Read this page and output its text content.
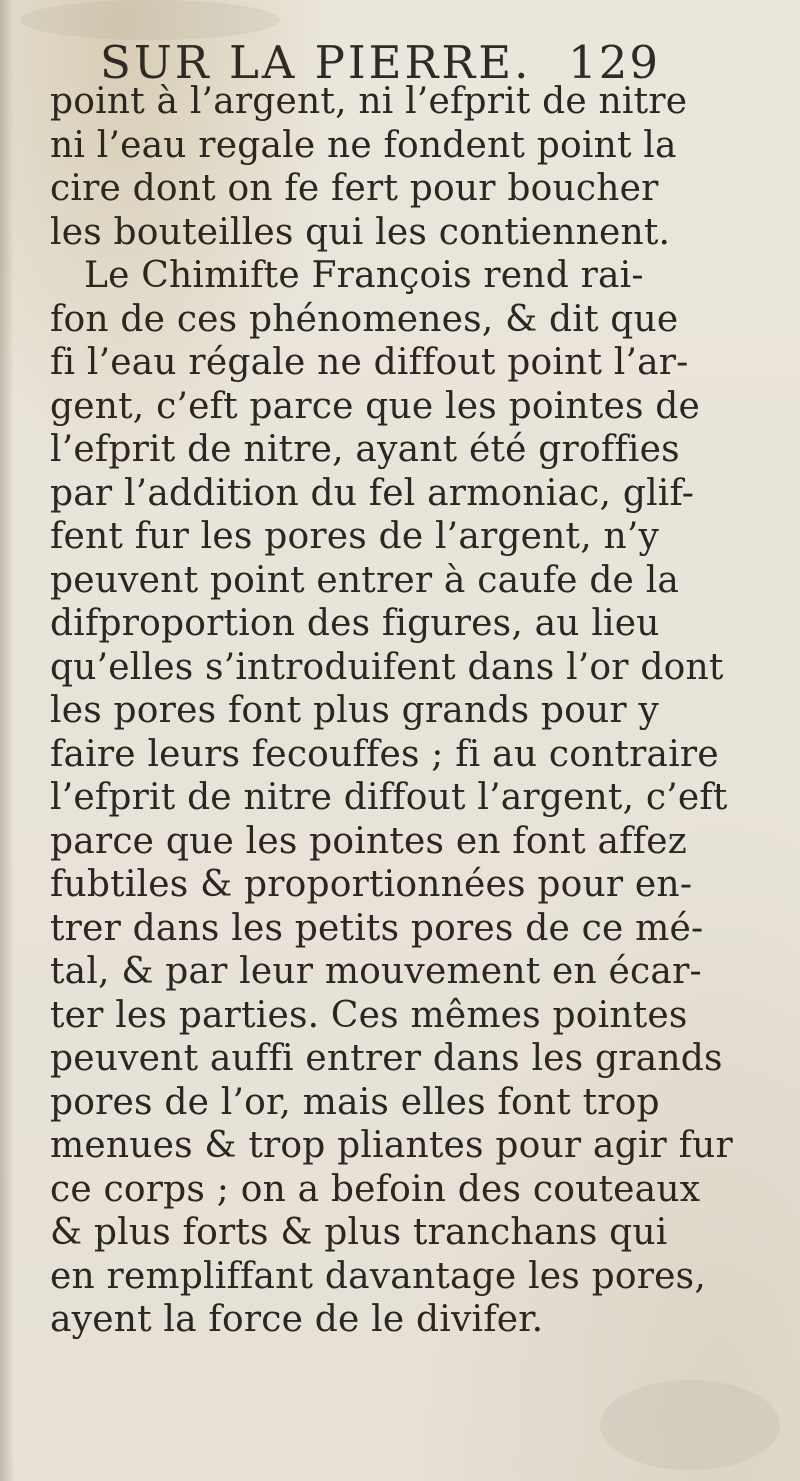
SUR LA PIERRE. 129
point à l’argent, ni l’efprit de nitre
ni l’eau regale ne fondent point la
cire dont on fe fert pour boucher
les bouteilles qui les contiennent.
Le Chimifte François rend rai-
fon de ces phénomenes, & dit que
fi l’eau régale ne diffout point l’ar-
gent, c’eft parce que les pointes de
l’efprit de nitre, ayant été groffies
par l’addition du fel armoniac, glif-
fent fur les pores de l’argent, n’y
peuvent point entrer à caufe de la
difproportion des figures, au lieu
qu’elles s’introduifent dans l’or dont
les pores font plus grands pour y
faire leurs fecouffes ; fi au contraire
l’efprit de nitre diffout l’argent, c’eft
parce que les pointes en font affez
fubtiles & proportionnées pour en-
trer dans les petits pores de ce mé-
tal, & par leur mouvement en écar-
ter les parties. Ces mêmes pointes
peuvent auffi entrer dans les grands
pores de l’or, mais elles font trop
menues & trop pliantes pour agir fur
ce corps ; on a befoin des couteaux
& plus forts & plus tranchans qui
en rempliffant davantage les pores,
ayent la force de le divifer.
